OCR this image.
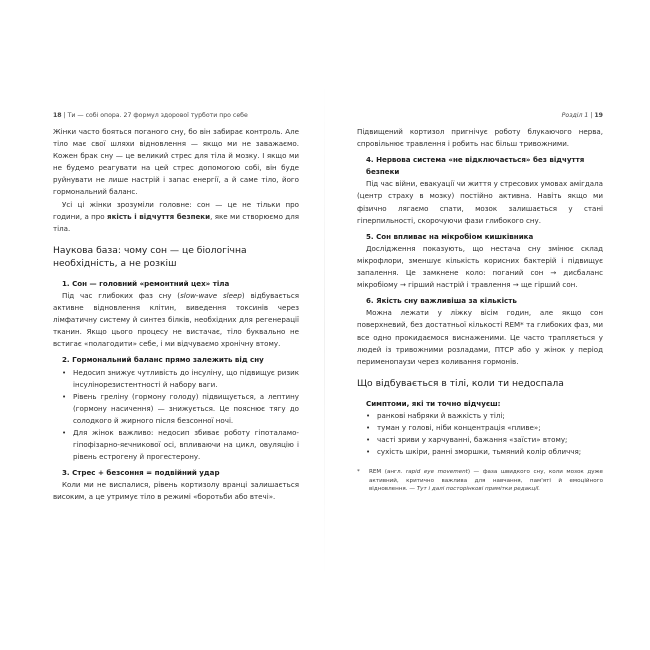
18 | Ти — собі опора. 27 формул здорової турботи про себе

Жінки часто бояться поганого сну, бо він забирає контроль. Але тіло має свої шляхи відновлення — якщо ми не заважаємо. Кожен брак сну — це великий стрес для тіла й мозку. І якщо ми не будемо реагувати на цей стрес допомогою собі, він буде руйнувати не лише настрій і запас енергії, а й саме тіло, його гормональний баланс.

Усі ці жінки зрозуміли головне: сон — це не тільки про години, а про якість і відчуття безпеки, яке ми створюємо для тіла.

Наукова база: чому сон — це біологічна необхідність, а не розкіш
1. Сон — головний «ремонтний цех» тіла

Під час глибоких фаз сну (slow-wave sleep) відбувається активне відновлення клітин, виведення токсинів через лімфатичну систему й синтез білків, необхідних для регенерації тканин. Якщо цього процесу не вистачає, тіло буквально не встигає «полагодити» себе, і ми відчуваємо хронічну втому.

2. Гормональний баланс прямо залежить від сну
• Недосип знижує чутливість до інсуліну, що підвищує ризик інсулінорезистентності й набору ваги.
• Рівень греліну (гормону голоду) підвищується, а лептину (гормону насичення) — знижується. Це пояснює тягу до солодкого й жирного після безсонної ночі.
• Для жінок важливо: недосип збиває роботу гіпоталамо-гіпофізарно-яєчникової осі, впливаючи на цикл, овуляцію і рівень естрогену й прогестерону.
3. Стрес + безсоння = подвійний удар

Коли ми не виспалися, рівень кортизолу вранці залишається високим, а це утримує тіло в режимі «боротьби або втечі».

Розділ 1 | 19

Підвищений кортизол пригнічує роботу блукаючого нерва, спровільнює травлення і робить нас більш тривожними.

4. Нервова система «не відключається» без відчуття безпеки

Під час війни, евакуації чи життя у стресових умовах амігдала (центр страху в мозку) постійно активна. Навіть якщо ми фізично лягаємо спати, мозок залишається у стані гіперпильності, скорочуючи фази глибокого сну.

5. Сон впливає на мікробіом кишківника

Дослідження показують, що нестача сну змінює склад мікрофлори, зменшує кількість корисних бактерій і підвищує запалення. Це замкнене коло: поганий сон → дисбаланс мікробіому → гірший настрій і травлення → ще гірший сон.

6. Якість сну важливіша за кількість

Можна лежати у ліжку вісім годин, але якщо сон поверхневий, без достатньої кількості REM* та глибоких фаз, ми все одно прокидаємося виснаженими. Це часто трапляється у людей із тривожними розладами, ПТСР або у жінок у період перименопаузи через коливання гормонів.

Що відбувається в тілі, коли ти недоспала
Симптоми, які ти точно відчуєш:
• ранкові набряки й важкість у тілі;
• туман у голові, ніби концентрація «пливе»;
• часті зриви у харчуванні, бажання «заїсти» втому;
• сухість шкіри, ранні зморшки, тьмяний колір обличчя;
* REM (англ. rapid eye movement) — фаза швидкого сну, коли мозок дуже активний, критично важлива для навчання, пам'яті й емоційного відновлення. — Тут і далі посторінкові примітки редакції.
